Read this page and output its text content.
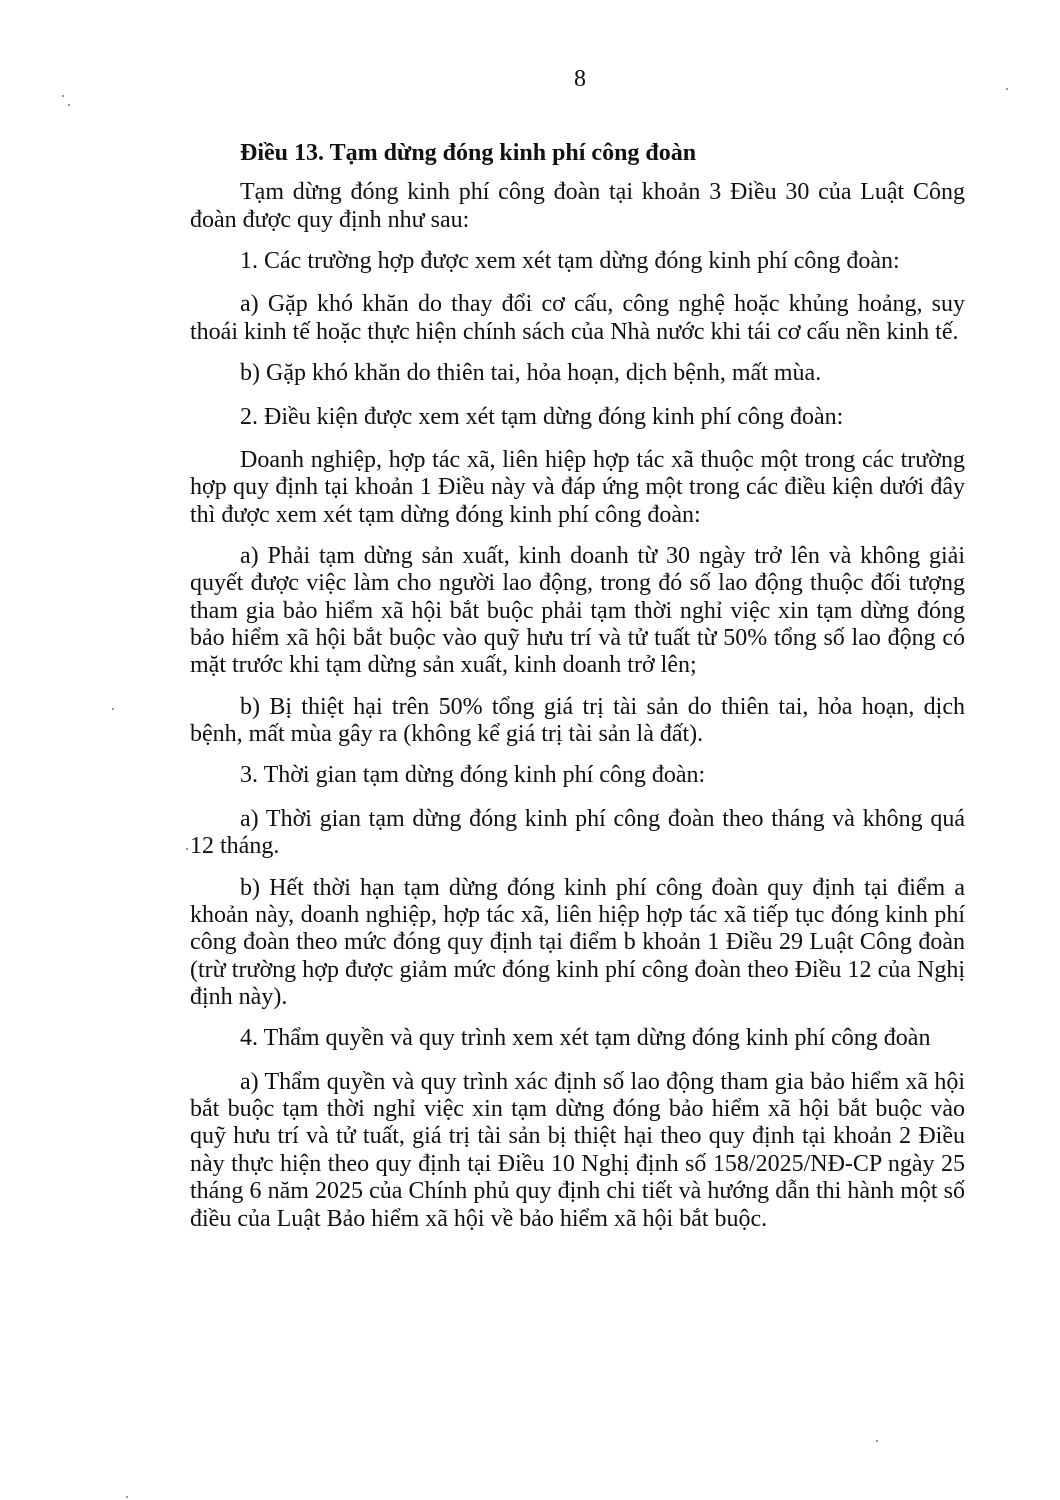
8
Điều 13. Tạm dừng đóng kinh phí công đoàn

Tạm dừng đóng kinh phí công đoàn tại khoản 3 Điều 30 của Luật Công đoàn được quy định như sau:

1. Các trường hợp được xem xét tạm dừng đóng kinh phí công đoàn:

a) Gặp khó khăn do thay đổi cơ cấu, công nghệ hoặc khủng hoảng, suy thoái kinh tế hoặc thực hiện chính sách của Nhà nước khi tái cơ cấu nền kinh tế.

b) Gặp khó khăn do thiên tai, hỏa hoạn, dịch bệnh, mất mùa.

2. Điều kiện được xem xét tạm dừng đóng kinh phí công đoàn:

Doanh nghiệp, hợp tác xã, liên hiệp hợp tác xã thuộc một trong các trường hợp quy định tại khoản 1 Điều này và đáp ứng một trong các điều kiện dưới đây thì được xem xét tạm dừng đóng kinh phí công đoàn:

a) Phải tạm dừng sản xuất, kinh doanh từ 30 ngày trở lên và không giải quyết được việc làm cho người lao động, trong đó số lao động thuộc đối tượng tham gia bảo hiểm xã hội bắt buộc phải tạm thời nghỉ việc xin tạm dừng đóng bảo hiểm xã hội bắt buộc vào quỹ hưu trí và tử tuất từ 50% tổng số lao động có mặt trước khi tạm dừng sản xuất, kinh doanh trở lên;

b) Bị thiệt hại trên 50% tổng giá trị tài sản do thiên tai, hỏa hoạn, dịch bệnh, mất mùa gây ra (không kể giá trị tài sản là đất).

3. Thời gian tạm dừng đóng kinh phí công đoàn:

a) Thời gian tạm dừng đóng kinh phí công đoàn theo tháng và không quá 12 tháng.

b) Hết thời hạn tạm dừng đóng kinh phí công đoàn quy định tại điểm a khoản này, doanh nghiệp, hợp tác xã, liên hiệp hợp tác xã tiếp tục đóng kinh phí công đoàn theo mức đóng quy định tại điểm b khoản 1 Điều 29 Luật Công đoàn (trừ trường hợp được giảm mức đóng kinh phí công đoàn theo Điều 12 của Nghị định này).

4. Thẩm quyền và quy trình xem xét tạm dừng đóng kinh phí công đoàn

a) Thẩm quyền và quy trình xác định số lao động tham gia bảo hiểm xã hội bắt buộc tạm thời nghỉ việc xin tạm dừng đóng bảo hiểm xã hội bắt buộc vào quỹ hưu trí và tử tuất, giá trị tài sản bị thiệt hại theo quy định tại khoản 2 Điều này thực hiện theo quy định tại Điều 10 Nghị định số 158/2025/NĐ-CP ngày 25 tháng 6 năm 2025 của Chính phủ quy định chi tiết và hướng dẫn thi hành một số điều của Luật Bảo hiểm xã hội về bảo hiểm xã hội bắt buộc.
